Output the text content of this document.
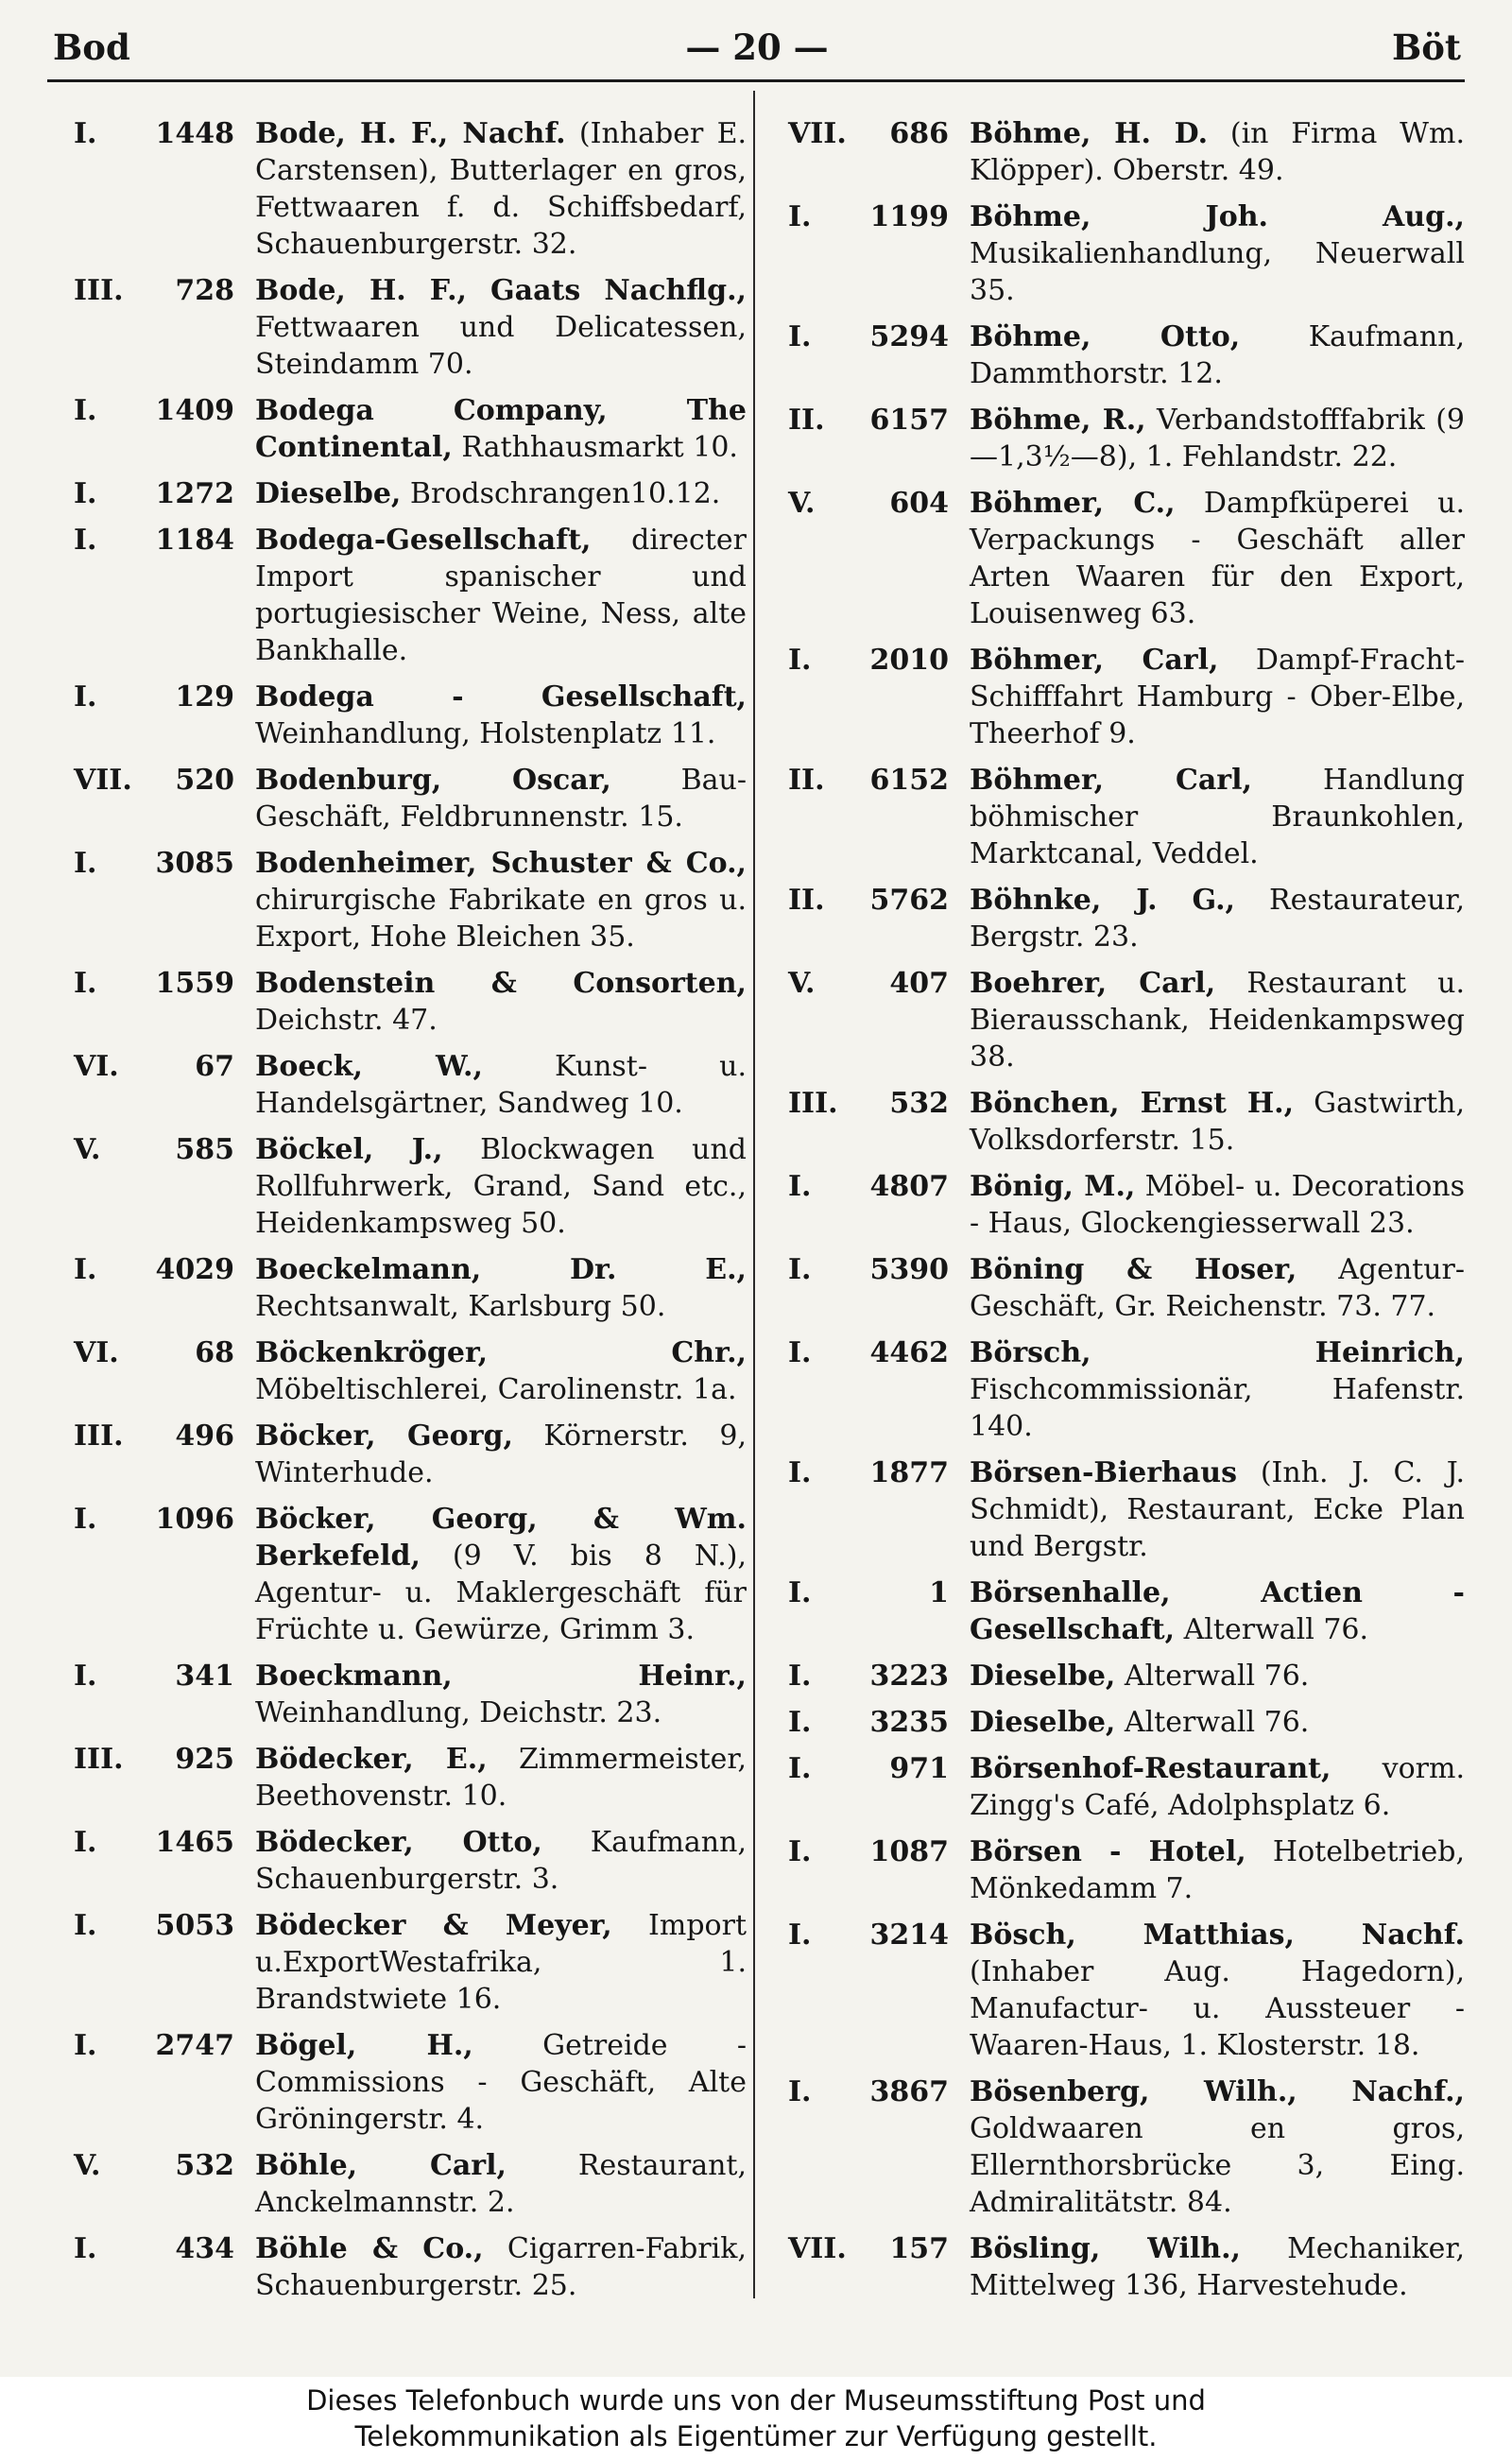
Bod	— 20 —	Böt
I.	1448 Bode, H. F., Nachf. (Inhaber E. Carstensen), Butterlager en gros, Fettwaaren f. d. Schiffsbedarf, Schauenburgerstr. 32.
III.	728 Bode, H. F., Gaats Nachflg., Fettwaaren und Delicatessen, Steindamm 70.
I.	1409 Bodega Company, The Continental, Rathhausmarkt 10.
I.	1272 Dieselbe, Brodschrangen10.12.
I.	1184 Bodega-Gesellschaft, directer Import spanischer und portugiesischer Weine, Ness, alte Bankhalle.
I.	129 Bodega - Gesellschaft, Weinhandlung, Holstenplatz 11.
VII.	520 Bodenburg, Oscar, Bau-Geschäft, Feldbrunnenstr. 15.
I.	3085 Bodenheimer, Schuster & Co., chirurgische Fabrikate en gros u. Export, Hohe Bleichen 35.
I.	1559 Bodenstein & Consorten, Deichstr. 47.
VI.	67 Boeck, W., Kunst- u. Handelsgärtner, Sandweg 10.
V.	585 Böckel, J., Blockwagen und Rollfuhrwerk, Grand, Sand etc., Heidenkampsweg 50.
I.	4029 Boeckelmann, Dr. E., Rechtsanwalt, Karlsburg 50.
VI.	68 Böckenkröger, Chr., Möbeltischlerei, Carolinenstr. 1a.
III.	496 Böcker, Georg, Körnerstr. 9, Winterhude.
I.	1096 Böcker, Georg, & Wm. Berkefeld, (9 V. bis 8 N.), Agentur- u. Maklergeschäft für Früchte u. Gewürze, Grimm 3.
I.	341 Boeckmann, Heinr., Weinhandlung, Deichstr. 23.
III.	925 Bödecker, E., Zimmermeister, Beethovenstr. 10.
I.	1465 Bödecker, Otto, Kaufmann, Schauenburgerstr. 3.
I.	5053 Bödecker & Meyer, Import u.ExportWestafrika, 1. Brandstwiete 16.
I.	2747 Bögel, H., Getreide - Commissions - Geschäft, Alte Gröningerstr. 4.
V.	532 Böhle, Carl, Restaurant, Anckelmannstr. 2.
I.	434 Böhle & Co., Cigarren-Fabrik, Schauenburgerstr. 25.
VII.	686 Böhme, H. D. (in Firma Wm. Klöpper). Oberstr. 49.
I.	1199 Böhme, Joh. Aug., Musikalienhandlung, Neuerwall 35.
I.	5294 Böhme, Otto, Kaufmann, Dammthorstr. 12.
II.	6157 Böhme, R., Verbandstofffabrik (9—1,3½—8), 1. Fehlandstr. 22.
V.	604 Böhmer, C., Dampfküperei u. Verpackungs - Geschäft aller Arten Waaren für den Export, Louisenweg 63.
I.	2010 Böhmer, Carl, Dampf-Fracht-Schifffahrt Hamburg - Ober-Elbe, Theerhof 9.
II.	6152 Böhmer, Carl, Handlung böhmischer Braunkohlen, Marktcanal, Veddel.
II.	5762 Böhnke, J. G., Restaurateur, Bergstr. 23.
V.	407 Boehrer, Carl, Restaurant u. Bierausschank, Heidenkampsweg 38.
III.	532 Bönchen, Ernst H., Gastwirth, Volksdorferstr. 15.
I.	4807 Bönig, M., Möbel- u. Decorations - Haus, Glockengiesserwall 23.
I.	5390 Böning & Hoser, Agentur-Geschäft, Gr. Reichenstr. 73. 77.
I.	4462 Börsch, Heinrich, Fischcommissionär, Hafenstr. 140.
I.	1877 Börsen-Bierhaus (Inh. J. C. J. Schmidt), Restaurant, Ecke Plan und Bergstr.
I.	1 Börsenhalle, Actien - Gesellschaft, Alterwall 76.
I.	3223 Dieselbe, Alterwall 76.
I.	3235 Dieselbe, Alterwall 76.
I.	971 Börsenhof-Restaurant, vorm. Zingg's Café, Adolphsplatz 6.
I.	1087 Börsen - Hotel, Hotelbetrieb, Mönkedamm 7.
I.	3214 Bösch, Matthias, Nachf. (Inhaber Aug. Hagedorn), Manufactur- u. Aussteuer - Waaren-Haus, 1. Klosterstr. 18.
I.	3867 Bösenberg, Wilh., Nachf., Goldwaaren en gros, Ellernthorsbrücke 3, Eing. Admiralitätstr. 84.
VII.	157 Bösling, Wilh., Mechaniker, Mittelweg 136, Harvestehude.
Dieses Telefonbuch wurde uns von der Museumsstiftung Post und
Telekommunikation als Eigentümer zur Verfügung gestellt.
